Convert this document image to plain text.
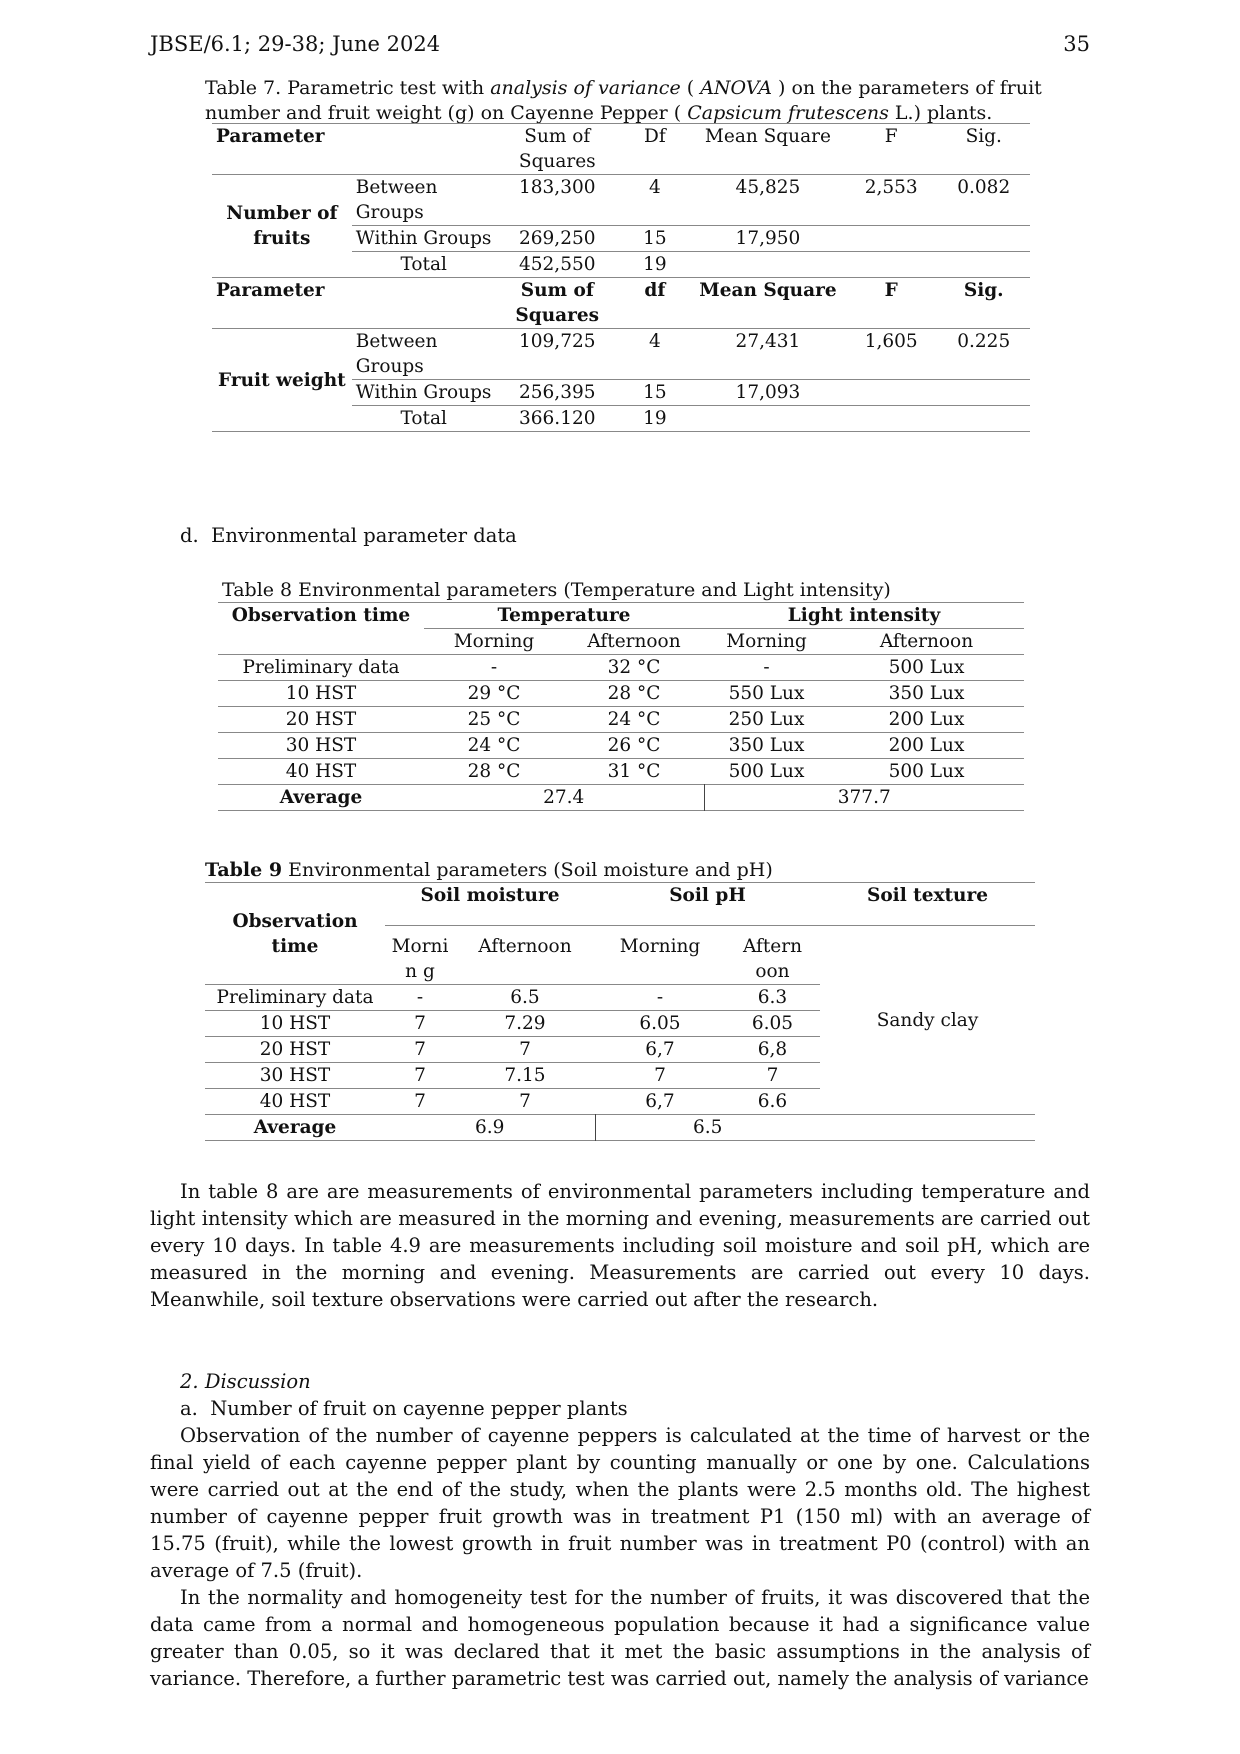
JBSE/6.1; 29-38; June 2024	35
Table 7. Parametric test with analysis of variance ( ANOVA ) on the parameters of fruit number and fruit weight (g) on Cayenne Pepper ( Capsicum frutescens L.) plants.
Parameter		Sum of Squares	Df	Mean Square	F	Sig.
Number of fruits	Between Groups	183,300	4	45,825	2,553	0.082
	Within Groups	269,250	15	17,950		
	Total	452,550	19			
Parameter		Sum of Squares	df	Mean Square	F	Sig.
Fruit weight	Between Groups	109,725	4	27,431	1,605	0.225
	Within Groups	256,395	15	17,093		
	Total	366.120	19			
d. Environmental parameter data
Table 8 Environmental parameters (Temperature and Light intensity)
Observation time	Temperature		Light intensity	
	Morning	Afternoon	Morning	Afternoon
Preliminary data	-	32 °C	-	500 Lux
10 HST	29 °C	28 °C	550 Lux	350 Lux
20 HST	25 °C	24 °C	250 Lux	200 Lux
30 HST	24 °C	26 °C	350 Lux	200 Lux
40 HST	28 °C	31 °C	500 Lux	500 Lux
Average	27.4		377.7	
Table 9 Environmental parameters (Soil moisture and pH)
Observation time	Soil moisture		Soil pH		Soil texture
	Mornin g	Afternoon	Morning	Aftern oon	Sandy clay
Preliminary data	-	6.5	-	6.3	
10 HST	7	7.29	6.05	6.05	
20 HST	7	7	6,7	6,8	
30 HST	7	7.15	7	7	
40 HST	7	7	6,7	6.6	
Average	6.9		6.5		

In table 8 are are measurements of environmental parameters including temperature and light intensity which are measured in the morning and evening, measurements are carried out every 10 days. In table 4.9 are measurements including soil moisture and soil pH, which are measured in the morning and evening. Measurements are carried out every 10 days. Meanwhile, soil texture observations were carried out after the research.

2. Discussion
a. Number of fruit on cayenne pepper plants

Observation of the number of cayenne peppers is calculated at the time of harvest or the final yield of each cayenne pepper plant by counting manually or one by one. Calculations were carried out at the end of the study, when the plants were 2.5 months old. The highest number of cayenne pepper fruit growth was in treatment P1 (150 ml) with an average of 15.75 (fruit), while the lowest growth in fruit number was in treatment P0 (control) with an average of 7.5 (fruit).

In the normality and homogeneity test for the number of fruits, it was discovered that the data came from a normal and homogeneous population because it had a significance value greater than 0.05, so it was declared that it met the basic assumptions in the analysis of variance. Therefore, a further parametric test was carried out, namely the analysis of variance
